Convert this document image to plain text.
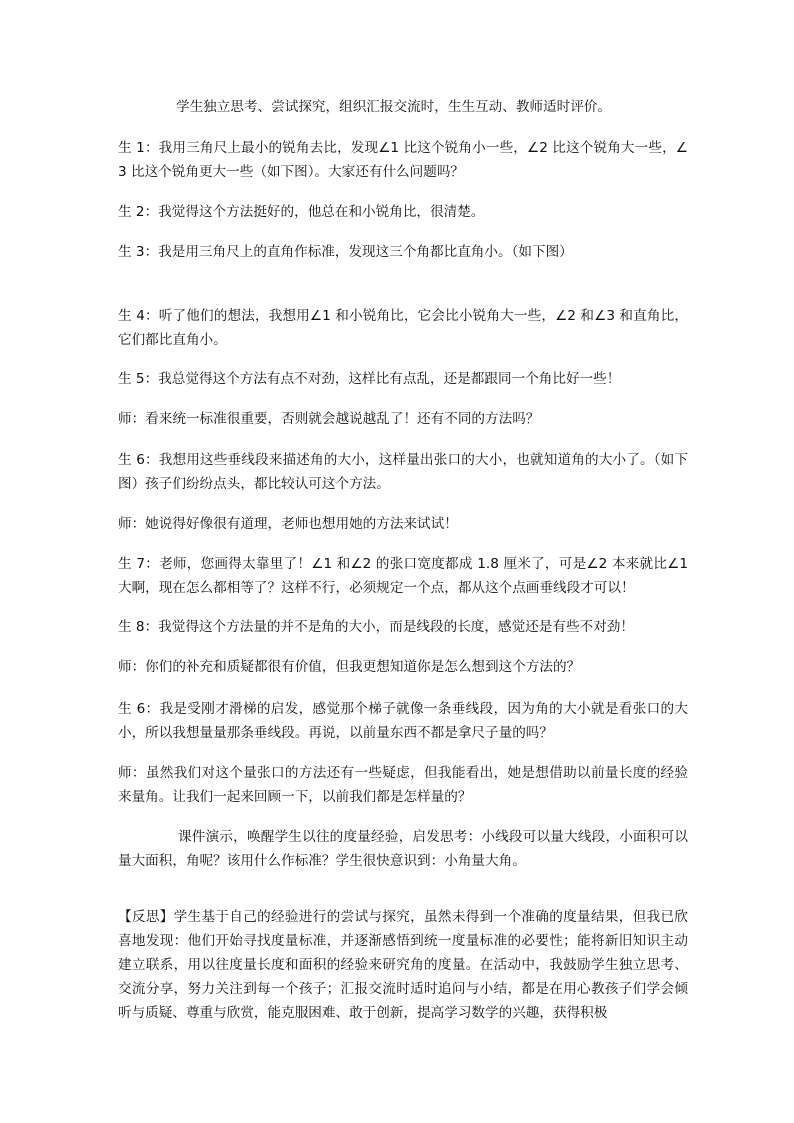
学生独立思考、尝试探究，组织汇报交流时，生生互动、教师适时评价。

生 1：我用三角尺上最小的锐角去比，发现∠1 比这个锐角小一些，∠2 比这个锐角大一些，∠3 比这个锐角更大一些（如下图）。大家还有什么问题吗？

生 2：我觉得这个方法挺好的，他总在和小锐角比，很清楚。

生 3：我是用三角尺上的直角作标准，发现这三个角都比直角小。（如下图）

生 4：听了他们的想法，我想用∠1 和小锐角比，它会比小锐角大一些，∠2 和∠3 和直角比，它们都比直角小。

生 5：我总觉得这个方法有点不对劲，这样比有点乱，还是都跟同一个角比好一些！

师：看来统一标准很重要，否则就会越说越乱了！还有不同的方法吗？

生 6：我想用这些垂线段来描述角的大小，这样量出张口的大小，也就知道角的大小了。（如下图）孩子们纷纷点头，都比较认可这个方法。

师：她说得好像很有道理，老师也想用她的方法来试试！

生 7：老师，您画得太靠里了！∠1 和∠2 的张口宽度都成 1.8 厘米了，可是∠2 本来就比∠1 大啊，现在怎么都相等了？这样不行，必须规定一个点，都从这个点画垂线段才可以！

生 8：我觉得这个方法量的并不是角的大小，而是线段的长度，感觉还是有些不对劲！

师：你们的补充和质疑都很有价值，但我更想知道你是怎么想到这个方法的？

生 6：我是受刚才滑梯的启发，感觉那个梯子就像一条垂线段，因为角的大小就是看张口的大小，所以我想量量那条垂线段。再说，以前量东西不都是拿尺子量的吗？

师：虽然我们对这个量张口的方法还有一些疑虑，但我能看出，她是想借助以前量长度的经验来量角。让我们一起来回顾一下，以前我们都是怎样量的？

课件演示，唤醒学生以往的度量经验，启发思考：小线段可以量大线段，小面积可以量大面积，角呢？该用什么作标准？学生很快意识到：小角量大角。

【反思】学生基于自己的经验进行的尝试与探究，虽然未得到一个准确的度量结果，但我已欣喜地发现：他们开始寻找度量标准，并逐渐感悟到统一度量标准的必要性；能将新旧知识主动建立联系，用以往度量长度和面积的经验来研究角的度量。在活动中，我鼓励学生独立思考、交流分享，努力关注到每一个孩子；汇报交流时适时追问与小结，都是在用心教孩子们学会倾听与质疑、尊重与欣赏，能克服困难、敢于创新，提高学习数学的兴趣，获得积极
